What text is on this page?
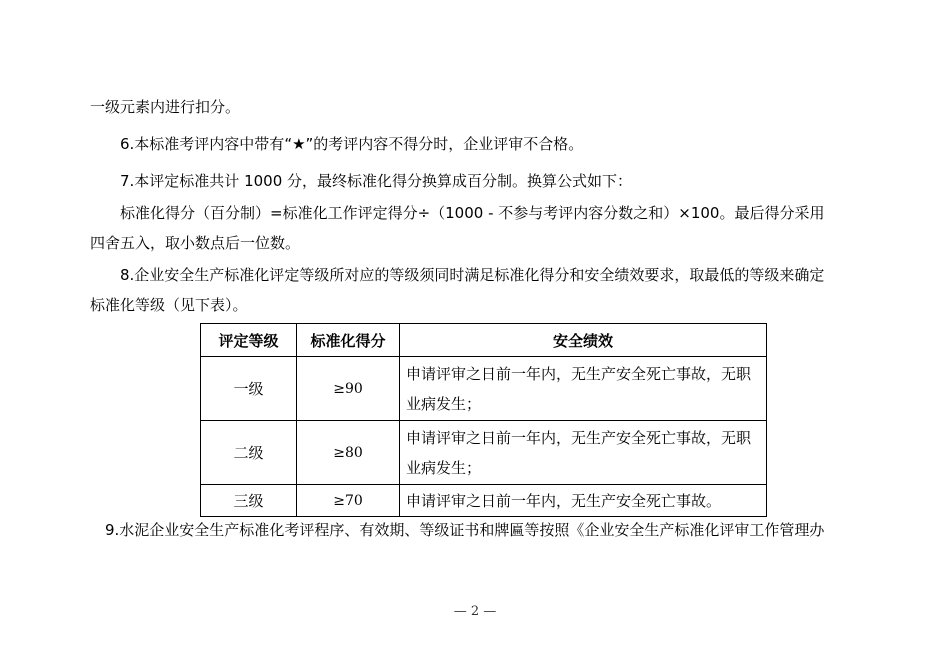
一级元素内进行扣分。
6.本标准考评内容中带有“★”的考评内容不得分时，企业评审不合格。
7.本评定标准共计 1000 分，最终标准化得分换算成百分制。换算公式如下：
标准化得分（百分制）=标准化工作评定得分÷（1000 - 不参与考评内容分数之和）×100。最后得分采用
四舍五入，取小数点后一位数。
8.企业安全生产标准化评定等级所对应的等级须同时满足标准化得分和安全绩效要求，取最低的等级来确定
标准化等级（见下表）。
评定等级	标准化得分	安全绩效
一级	≥90	申请评审之日前一年内，无生产安全死亡事故，无职业病发生；
二级	≥80	申请评审之日前一年内，无生产安全死亡事故，无职业病发生；
三级	≥70	申请评审之日前一年内，无生产安全死亡事故。
9.水泥企业安全生产标准化考评程序、有效期、等级证书和牌匾等按照《企业安全生产标准化评审工作管理办
— 2 —
